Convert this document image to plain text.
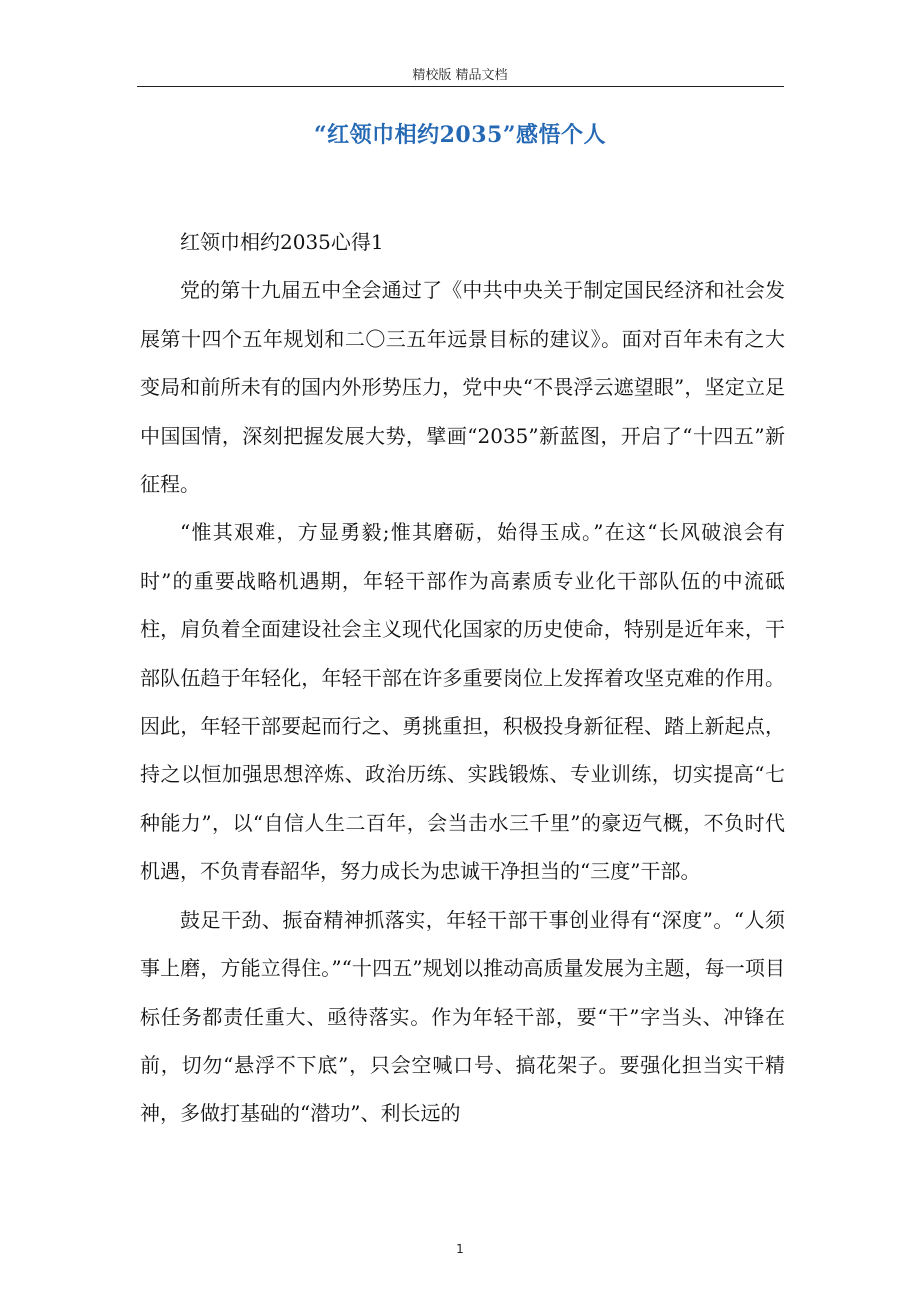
精校版 精品文档
“红领巾相约2035”感悟个人

红领巾相约2035心得1

党的第十九届五中全会通过了《中共中央关于制定国民经济和社会发展第十四个五年规划和二〇三五年远景目标的建议》。面对百年未有之大变局和前所未有的国内外形势压力，党中央“不畏浮云遮望眼”，坚定立足中国国情，深刻把握发展大势，擘画“2035”新蓝图，开启了“十四五”新征程。

“惟其艰难，方显勇毅;惟其磨砺，始得玉成。”在这“长风破浪会有时”的重要战略机遇期，年轻干部作为高素质专业化干部队伍的中流砥柱，肩负着全面建设社会主义现代化国家的历史使命，特别是近年来，干部队伍趋于年轻化，年轻干部在许多重要岗位上发挥着攻坚克难的作用。因此，年轻干部要起而行之、勇挑重担，积极投身新征程、踏上新起点，持之以恒加强思想淬炼、政治历练、实践锻炼、专业训练，切实提高“七种能力”，以“自信人生二百年，会当击水三千里”的豪迈气概，不负时代机遇，不负青春韶华，努力成长为忠诚干净担当的“三度”干部。

鼓足干劲、振奋精神抓落实，年轻干部干事创业得有“深度”。“人须事上磨，方能立得住。”“十四五”规划以推动高质量发展为主题，每一项目标任务都责任重大、亟待落实。作为年轻干部，要“干”字当头、冲锋在前，切勿“悬浮不下底”，只会空喊口号、搞花架子。要强化担当实干精神，多做打基础的“潜功”、利长远的

1
